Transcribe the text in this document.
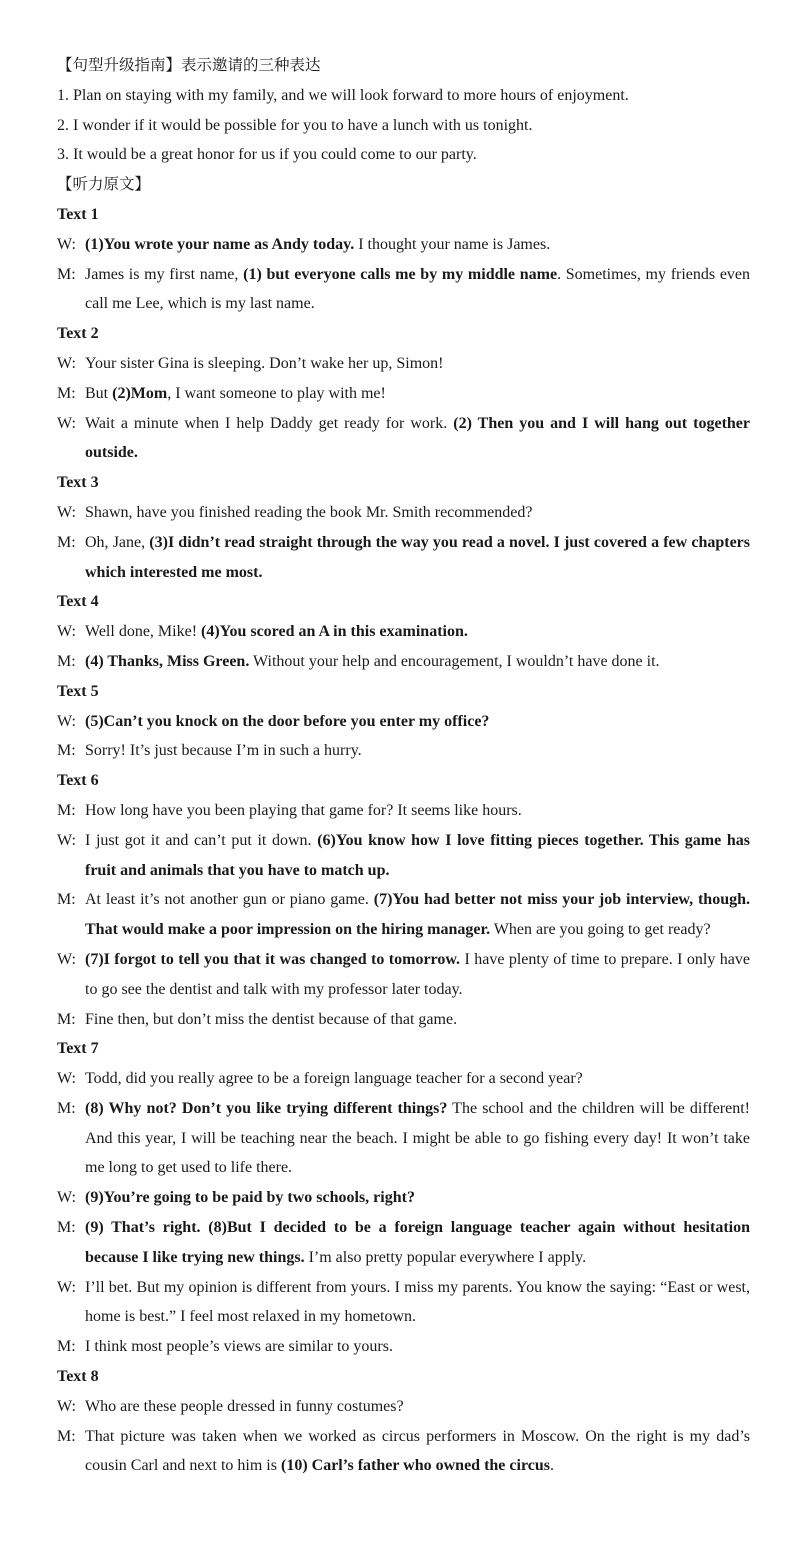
【句型升级指南】表示邀请的三种表达
1. Plan on staying with my family, and we will look forward to more hours of enjoyment.
2. I wonder if it would be possible for you to have a lunch with us tonight.
3. It would be a great honor for us if you could come to our party.
【听力原文】
Text 1
W: (1)You wrote your name as Andy today. I thought your name is James.
M: James is my first name, (1) but everyone calls me by my middle name. Sometimes, my friends even call me Lee, which is my last name.
Text 2
W: Your sister Gina is sleeping. Don’t wake her up, Simon!
M: But (2)Mom, I want someone to play with me!
W: Wait a minute when I help Daddy get ready for work. (2) Then you and I will hang out together outside.
Text 3
W: Shawn, have you finished reading the book Mr. Smith recommended?
M: Oh, Jane, (3)I didn’t read straight through the way you read a novel. I just covered a few chapters which interested me most.
Text 4
W: Well done, Mike! (4)You scored an A in this examination.
M: (4) Thanks, Miss Green. Without your help and encouragement, I wouldn’t have done it.
Text 5
W: (5)Can’t you knock on the door before you enter my office?
M: Sorry! It’s just because I’m in such a hurry.
Text 6
M: How long have you been playing that game for? It seems like hours.
W: I just got it and can’t put it down. (6)You know how I love fitting pieces together. This game has fruit and animals that you have to match up.
M: At least it’s not another gun or piano game. (7)You had better not miss your job interview, though. That would make a poor impression on the hiring manager. When are you going to get ready?
W: (7)I forgot to tell you that it was changed to tomorrow. I have plenty of time to prepare. I only have to go see the dentist and talk with my professor later today.
M: Fine then, but don’t miss the dentist because of that game.
Text 7
W: Todd, did you really agree to be a foreign language teacher for a second year?
M: (8) Why not? Don’t you like trying different things? The school and the children will be different! And this year, I will be teaching near the beach. I might be able to go fishing every day! It won’t take me long to get used to life there.
W: (9)You’re going to be paid by two schools, right?
M: (9) That’s right. (8)But I decided to be a foreign language teacher again without hesitation because I like trying new things. I’m also pretty popular everywhere I apply.
W: I’ll bet. But my opinion is different from yours. I miss my parents. You know the saying: “East or west, home is best.” I feel most relaxed in my hometown.
M: I think most people’s views are similar to yours.
Text 8
W: Who are these people dressed in funny costumes?
M: That picture was taken when we worked as circus performers in Moscow. On the right is my dad’s cousin Carl and next to him is (10) Carl’s father who owned the circus.
